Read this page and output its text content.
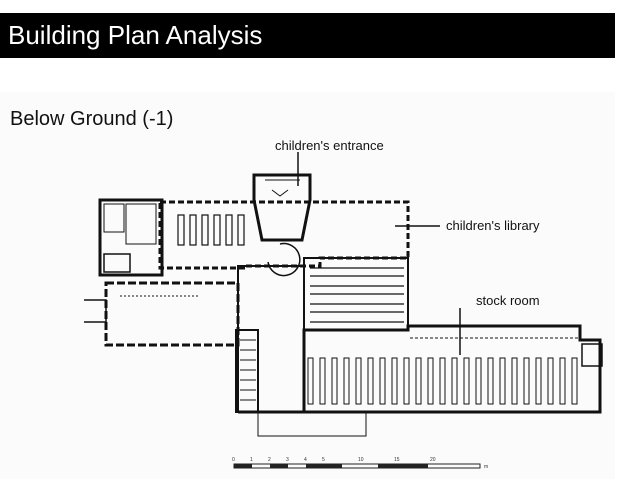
Building Plan Analysis
Below Ground (-1)
children's entrance
children's library
stock room
0	1	2	3	4	5	10	15	20
m
